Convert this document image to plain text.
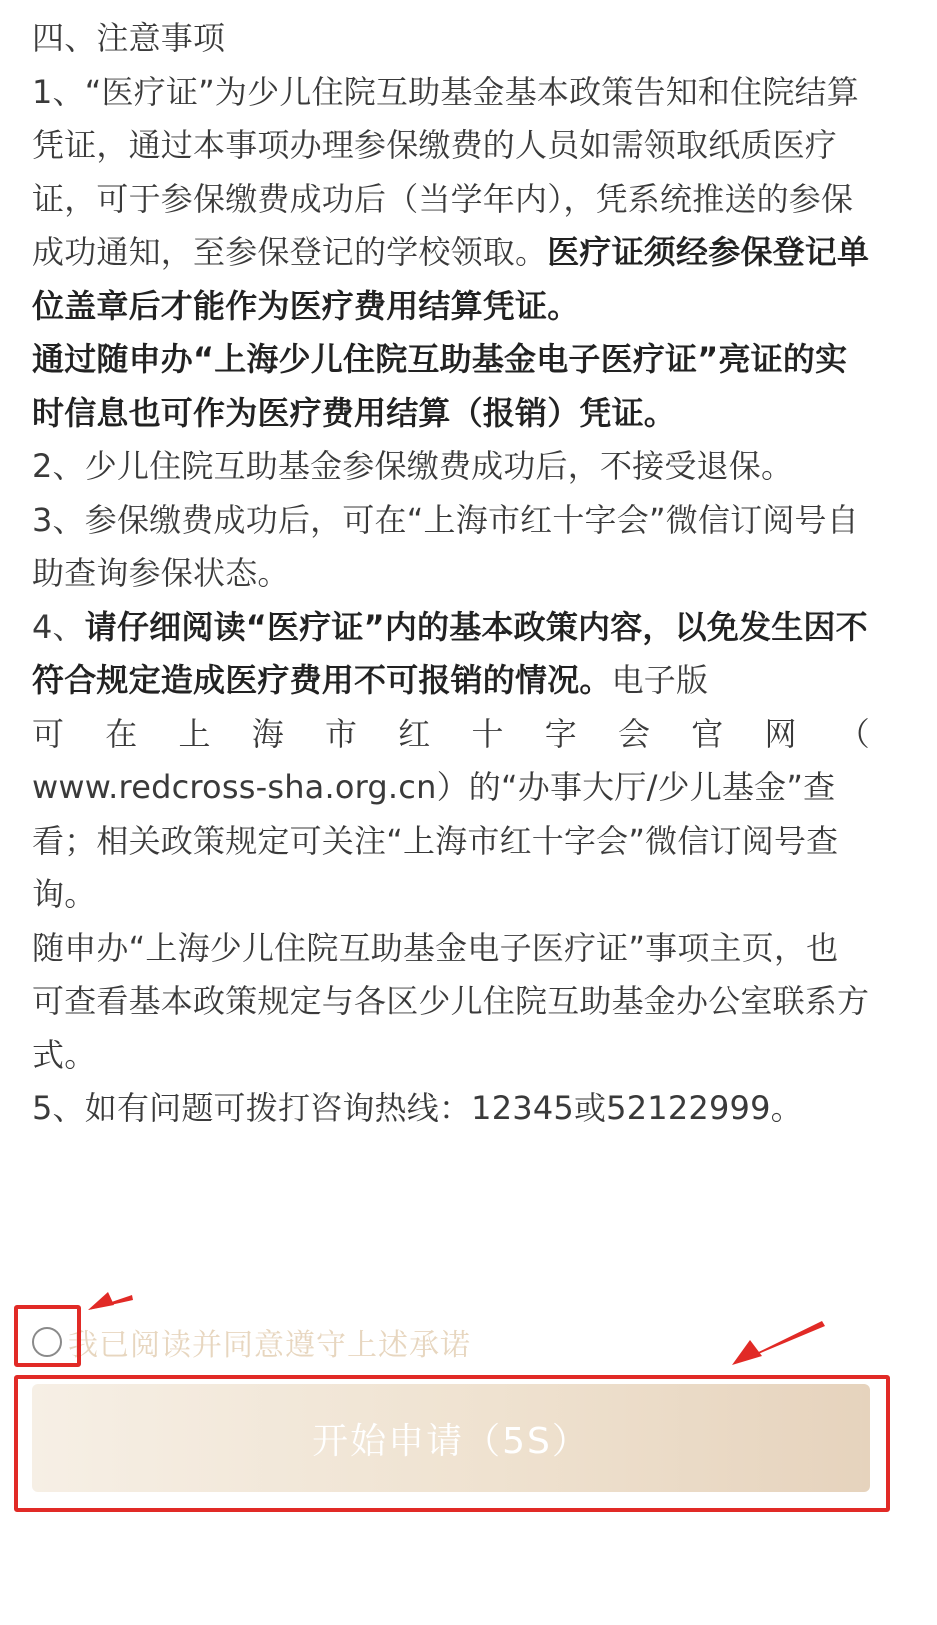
四、注意事项

1、“医疗证”为少儿住院互助基金基本政策告知和住院结算凭证，通过本事项办理参保缴费的人员如需领取纸质医疗证，可于参保缴费成功后（当学年内），凭系统推送的参保成功通知，至参保登记的学校领取。医疗证须经参保登记单位盖章后才能作为医疗费用结算凭证。

通过随申办“上海少儿住院互助基金电子医疗证”亮证的实时信息也可作为医疗费用结算（报销）凭证。

2、少儿住院互助基金参保缴费成功后，不接受退保。

3、参保缴费成功后，可在“上海市红十字会”微信订阅号自助查询参保状态。

4、请仔细阅读“医疗证”内的基本政策内容，以免发生因不符合规定造成医疗费用不可报销的情况。电子版

可 在 上 海 市 红 十 字 会 官 网 （

www.redcross-sha.org.cn）的“办事大厅/少儿基金”查看；相关政策规定可关注“上海市红十字会”微信订阅号查询。

随申办“上海少儿住院互助基金电子医疗证”事项主页，也可查看基本政策规定与各区少儿住院互助基金办公室联系方式。

5、如有问题可拨打咨询热线：12345或52122999。

我已阅读并同意遵守上述承诺
开始申请（5S）
